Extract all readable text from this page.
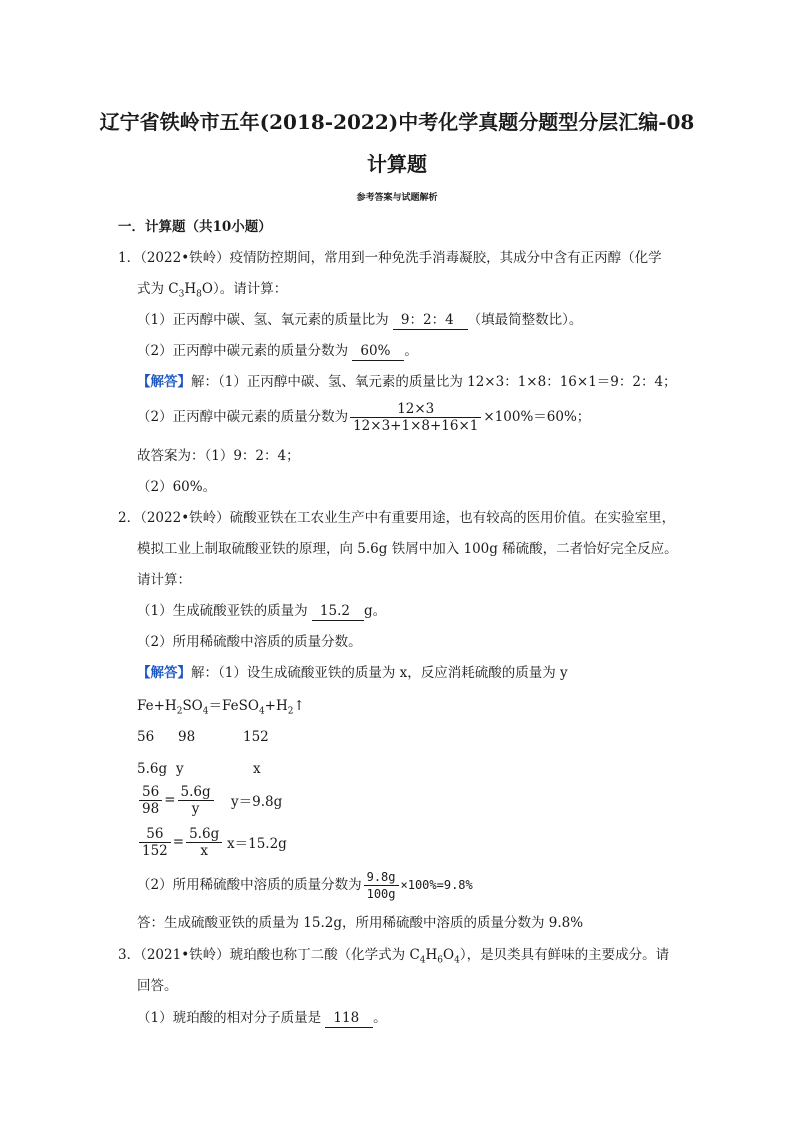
辽宁省铁岭市五年(2018-2022)中考化学真题分题型分层汇编-08
计算题
参考答案与试题解析
一．计算题（共10小题）
1．（2022•铁岭）疫情防控期间，常用到一种免洗手消毒凝胶，其成分中含有正丙醇（化学
式为 $C_3H_8O$）。请计算：
（1）正丙醇中碳、氢、氧元素的质量比为 9：2：4 （填最简整数比）。
（2）正丙醇中碳元素的质量分数为 60% 。
【解答】解：（1）正丙醇中碳、氢、氧元素的质量比为 12×3：1×8：16×1＝9：2：4；
（2）正丙醇中碳元素的质量分数为 $\frac{12\times 3}{12\times 3+1\times 8+16\times 1} \times 100\%=60\%$；
故答案为：（1）9：2：4；
（2）60%。
2．（2022•铁岭）硫酸亚铁在工农业生产中有重要用途，也有较高的医用价值。在实验室里，
模拟工业上制取硫酸亚铁的原理，向 5.6g 铁屑中加入 100g 稀硫酸，二者恰好完全反应。
请计算：
（1）生成硫酸亚铁的质量为 15.2 g。
（2）所用稀硫酸中溶质的质量分数。
【解答】解：（1）设生成硫酸亚铁的质量为 x，反应消耗硫酸的质量为 y
$Fe+H_2SO_4=FeSO_4+H_2↑$
56 98	152
5.6g y	x
$\frac{56}{98} = \frac{5.6g}{y} y=9.8g$
$\frac{56}{152} = \frac{5.6g}{x} x=15.2g$
（2）所用稀硫酸中溶质的质量分数为 $\frac{9.8g}{100g} \times 100\%=9.8\%$
答：生成硫酸亚铁的质量为 15.2g，所用稀硫酸中溶质的质量分数为 9.8%
3．（2021•铁岭）琥珀酸也称丁二酸（化学式为 $C_4H_6O_4$），是贝类具有鲜味的主要成分。请
回答。
（1）琥珀酸的相对分子质量是 118 。
